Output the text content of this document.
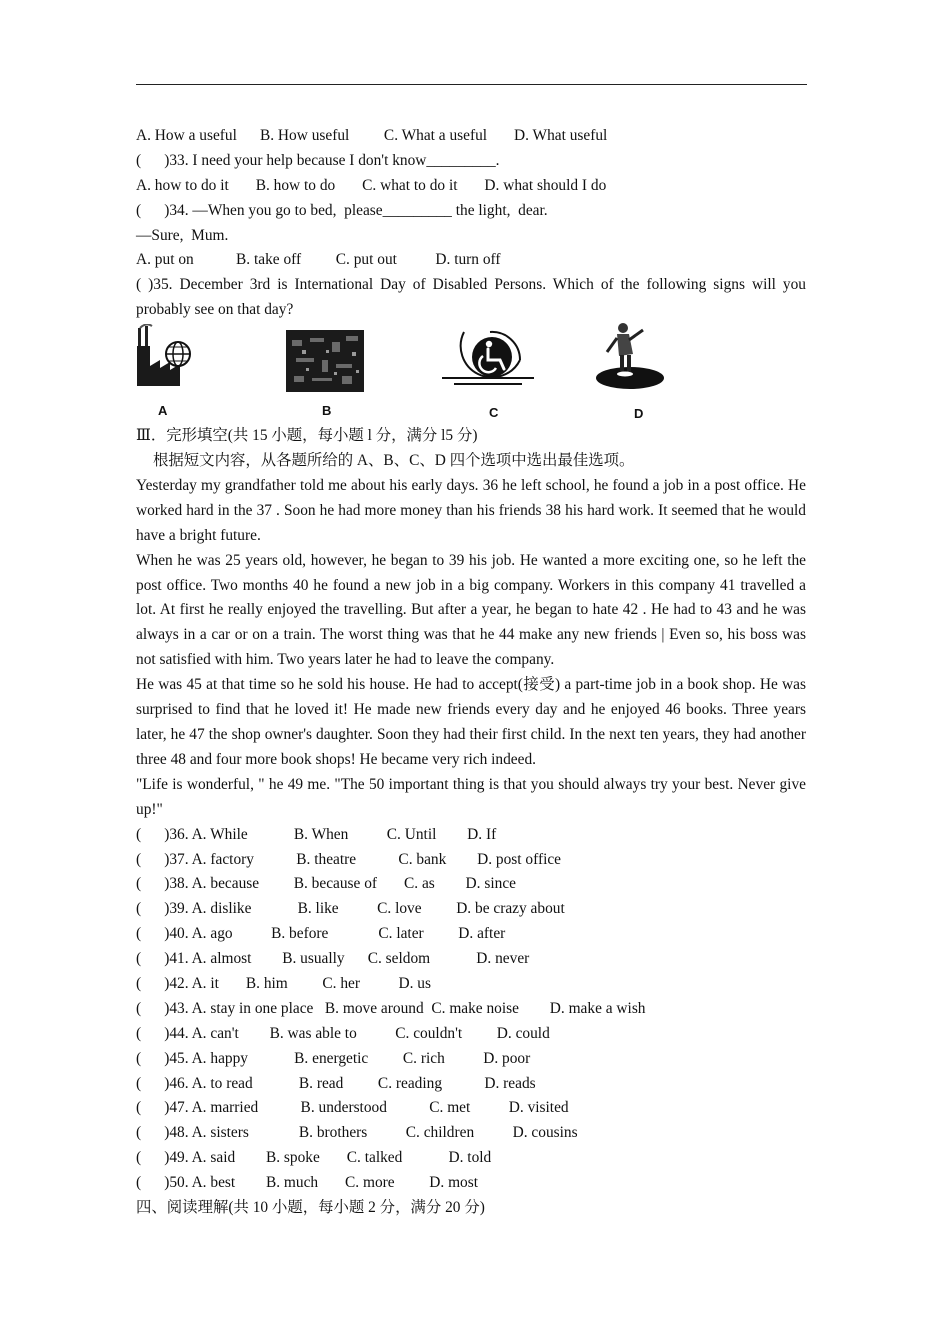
A. How a useful      B. How useful         C. What a useful       D. What useful
(      )33. I need your help because I don't know_________.
A. how to do it       B. how to do       C. what to do it       D. what should I do
(      )34. —When you go to bed,  please_________ the light,  dear.
—Sure,  Mum.
A. put on           B. take off         C. put out          D. turn off
( )35. December 3rd is International Day of Disabled Persons. Which of the following signs will you probably see on that day?
A	B	C	D
Ⅲ．完形填空(共 15 小题，每小题 l 分，满分 l5 分)
根据短文内容，从各题所给的 A、B、C、D 四个选项中选出最佳选项。
Yesterday my grandfather told me about his early days. 36 he left school, he found a job in a post office. He worked hard in the 37 . Soon he had more money than his friends 38 his hard work. It seemed that he would have a bright future.
When he was 25 years old, however, he began to 39 his job. He wanted a more exciting one, so he left the post office. Two months 40 he found a new job in a big company. Workers in this company 41 travelled a lot. At first he really enjoyed the travelling. But after a year, he began to hate 42 . He had to 43 and he was always in a car or on a train. The worst thing was that he 44 make any new friends | Even so, his boss was not satisfied with him. Two years later he had to leave the company.
He was 45 at that time so he sold his house. He had to accept(接受) a part-time job in a book shop. He was surprised to find that he loved it! He made new friends every day and he enjoyed 46 books. Three years later, he 47 the shop owner's daughter. Soon they had their first child. In the next ten years, they had another three 48 and four more book shops! He became very rich indeed.
"Life is wonderful, " he 49 me. "The 50 important thing is that you should always try your best. Never give up!"
(      )36. A. While            B. When          C. Until        D. If
(      )37. A. factory           B. theatre           C. bank        D. post office
(      )38. A. because         B. because of       C. as        D. since
(      )39. A. dislike            B. like          C. love         D. be crazy about
(      )40. A. ago          B. before             C. later         D. after
(      )41. A. almost        B. usually      C. seldom            D. never
(      )42. A. it       B. him         C. her          D. us
(      )43. A. stay in one place   B. move around  C. make noise        D. make a wish
(      )44. A. can't        B. was able to          C. couldn't         D. could
(      )45. A. happy            B. energetic         C. rich          D. poor
(      )46. A. to read            B. read         C. reading           D. reads
(      )47. A. married           B. understood           C. met          D. visited
(      )48. A. sisters             B. brothers          C. children          D. cousins
(      )49. A. said        B. spoke       C. talked            D. told
(      )50. A. best        B. much       C. more         D. most
四、阅读理解(共 10 小题，每小题 2 分，满分 20 分)
